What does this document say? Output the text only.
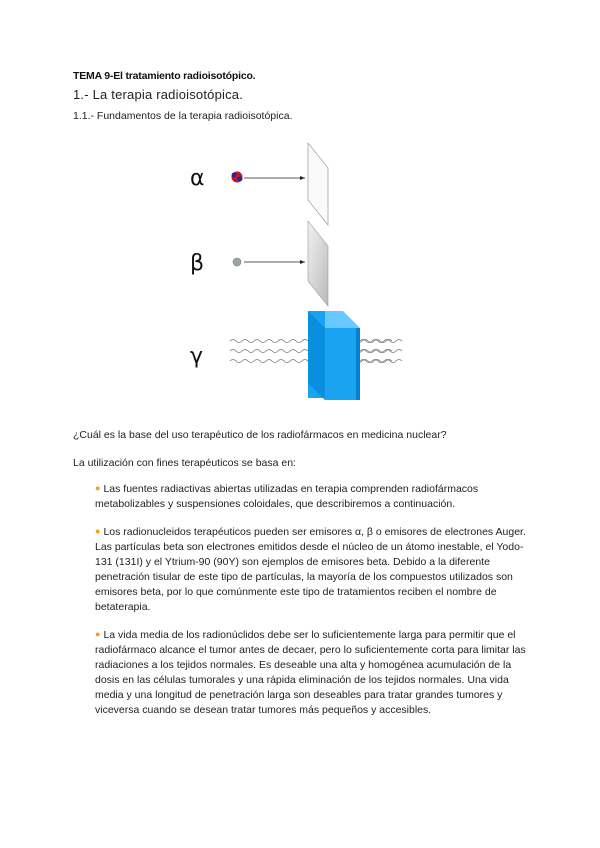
TEMA 9-El tratamiento radioisotópico.
1.- La terapia radioisotópica.
1.1.- Fundamentos de la terapia radioisotópica.
α
β
γ
¿Cuál es la base del uso terapéutico de los radiofármacos en medicina nuclear?
La utilización con fines terapéuticos se basa en:

● Las fuentes radiactivas abiertas utilizadas en terapia comprenden radiofármacos metabolizables y suspensiones coloidales, que describiremos a continuación.

● Los radionucleidos terapéuticos pueden ser emisores α, β o emisores de electrones Auger. Las partículas beta son electrones emitidos desde el núcleo de un átomo inestable, el Yodo-131 (131I) y el Ytrium-90 (90Y) son ejemplos de emisores beta. Debido a la diferente penetración tisular de este tipo de partículas, la mayoría de los compuestos utilizados son emisores beta, por lo que comúnmente este tipo de tratamientos reciben el nombre de betaterapia.

● La vida media de los radionúclidos debe ser lo suficientemente larga para permitir que el radiofármaco alcance el tumor antes de decaer, pero lo suficientemente corta para limitar las radiaciones a los tejidos normales. Es deseable una alta y homogénea acumulación de la dosis en las células tumorales y una rápida eliminación de los tejidos normales. Una vida media y una longitud de penetración larga son deseables para tratar grandes tumores y viceversa cuando se desean tratar tumores más pequeños y accesibles.
